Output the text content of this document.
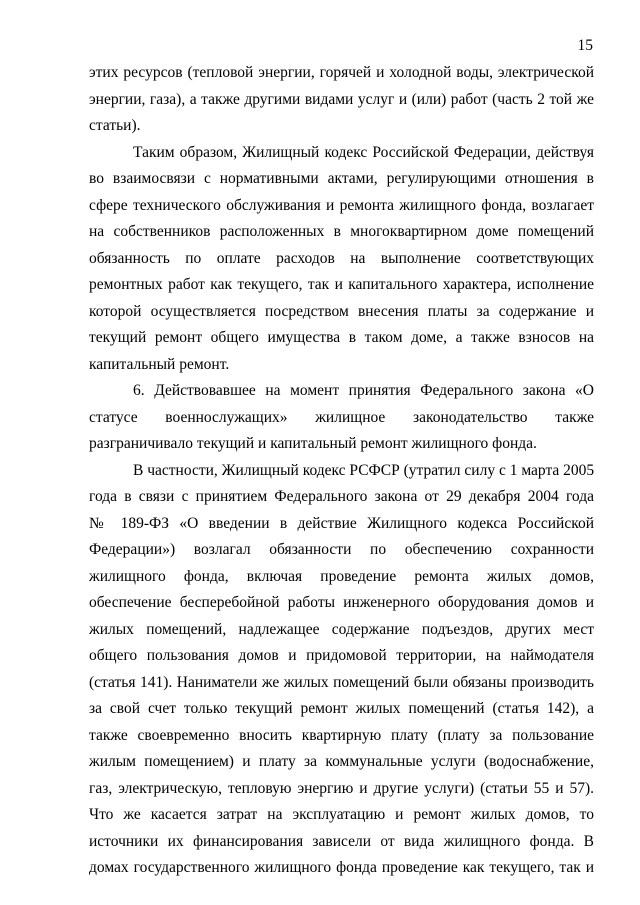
15
этих ресурсов (тепловой энергии, горячей и холодной воды, электрической
энергии, газа), а также другими видами услуг и (или) работ (часть 2 той же
статьи).
Таким образом, Жилищный кодекс Российской Федерации, действуя
во взаимосвязи с нормативными актами, регулирующими отношения в
сфере технического обслуживания и ремонта жилищного фонда, возлагает
на собственников расположенных в многоквартирном доме помещений
обязанность по оплате расходов на выполнение соответствующих
ремонтных работ как текущего, так и капитального характера, исполнение
которой осуществляется посредством внесения платы за содержание и
текущий ремонт общего имущества в таком доме, а также взносов на
капитальный ремонт.
6. Действовавшее на момент принятия Федерального закона «О
статусе военнослужащих» жилищное законодательство также
разграничивало текущий и капитальный ремонт жилищного фонда.
В частности, Жилищный кодекс РСФСР (утратил силу с 1 марта 2005
года в связи с принятием Федерального закона от 29 декабря 2004 года
№ 189-ФЗ «О введении в действие Жилищного кодекса Российской
Федерации») возлагал обязанности по обеспечению сохранности
жилищного фонда, включая проведение ремонта жилых домов,
обеспечение бесперебойной работы инженерного оборудования домов и
жилых помещений, надлежащее содержание подъездов, других мест
общего пользования домов и придомовой территории, на наймодателя
(статья 141). Наниматели же жилых помещений были обязаны производить
за свой счет только текущий ремонт жилых помещений (статья 142), а
также своевременно вносить квартирную плату (плату за пользование
жилым помещением) и плату за коммунальные услуги (водоснабжение,
газ, электрическую, тепловую энергию и другие услуги) (статьи 55 и 57).
Что же касается затрат на эксплуатацию и ремонт жилых домов, то
источники их финансирования зависели от вида жилищного фонда. В
домах государственного жилищного фонда проведение как текущего, так и
